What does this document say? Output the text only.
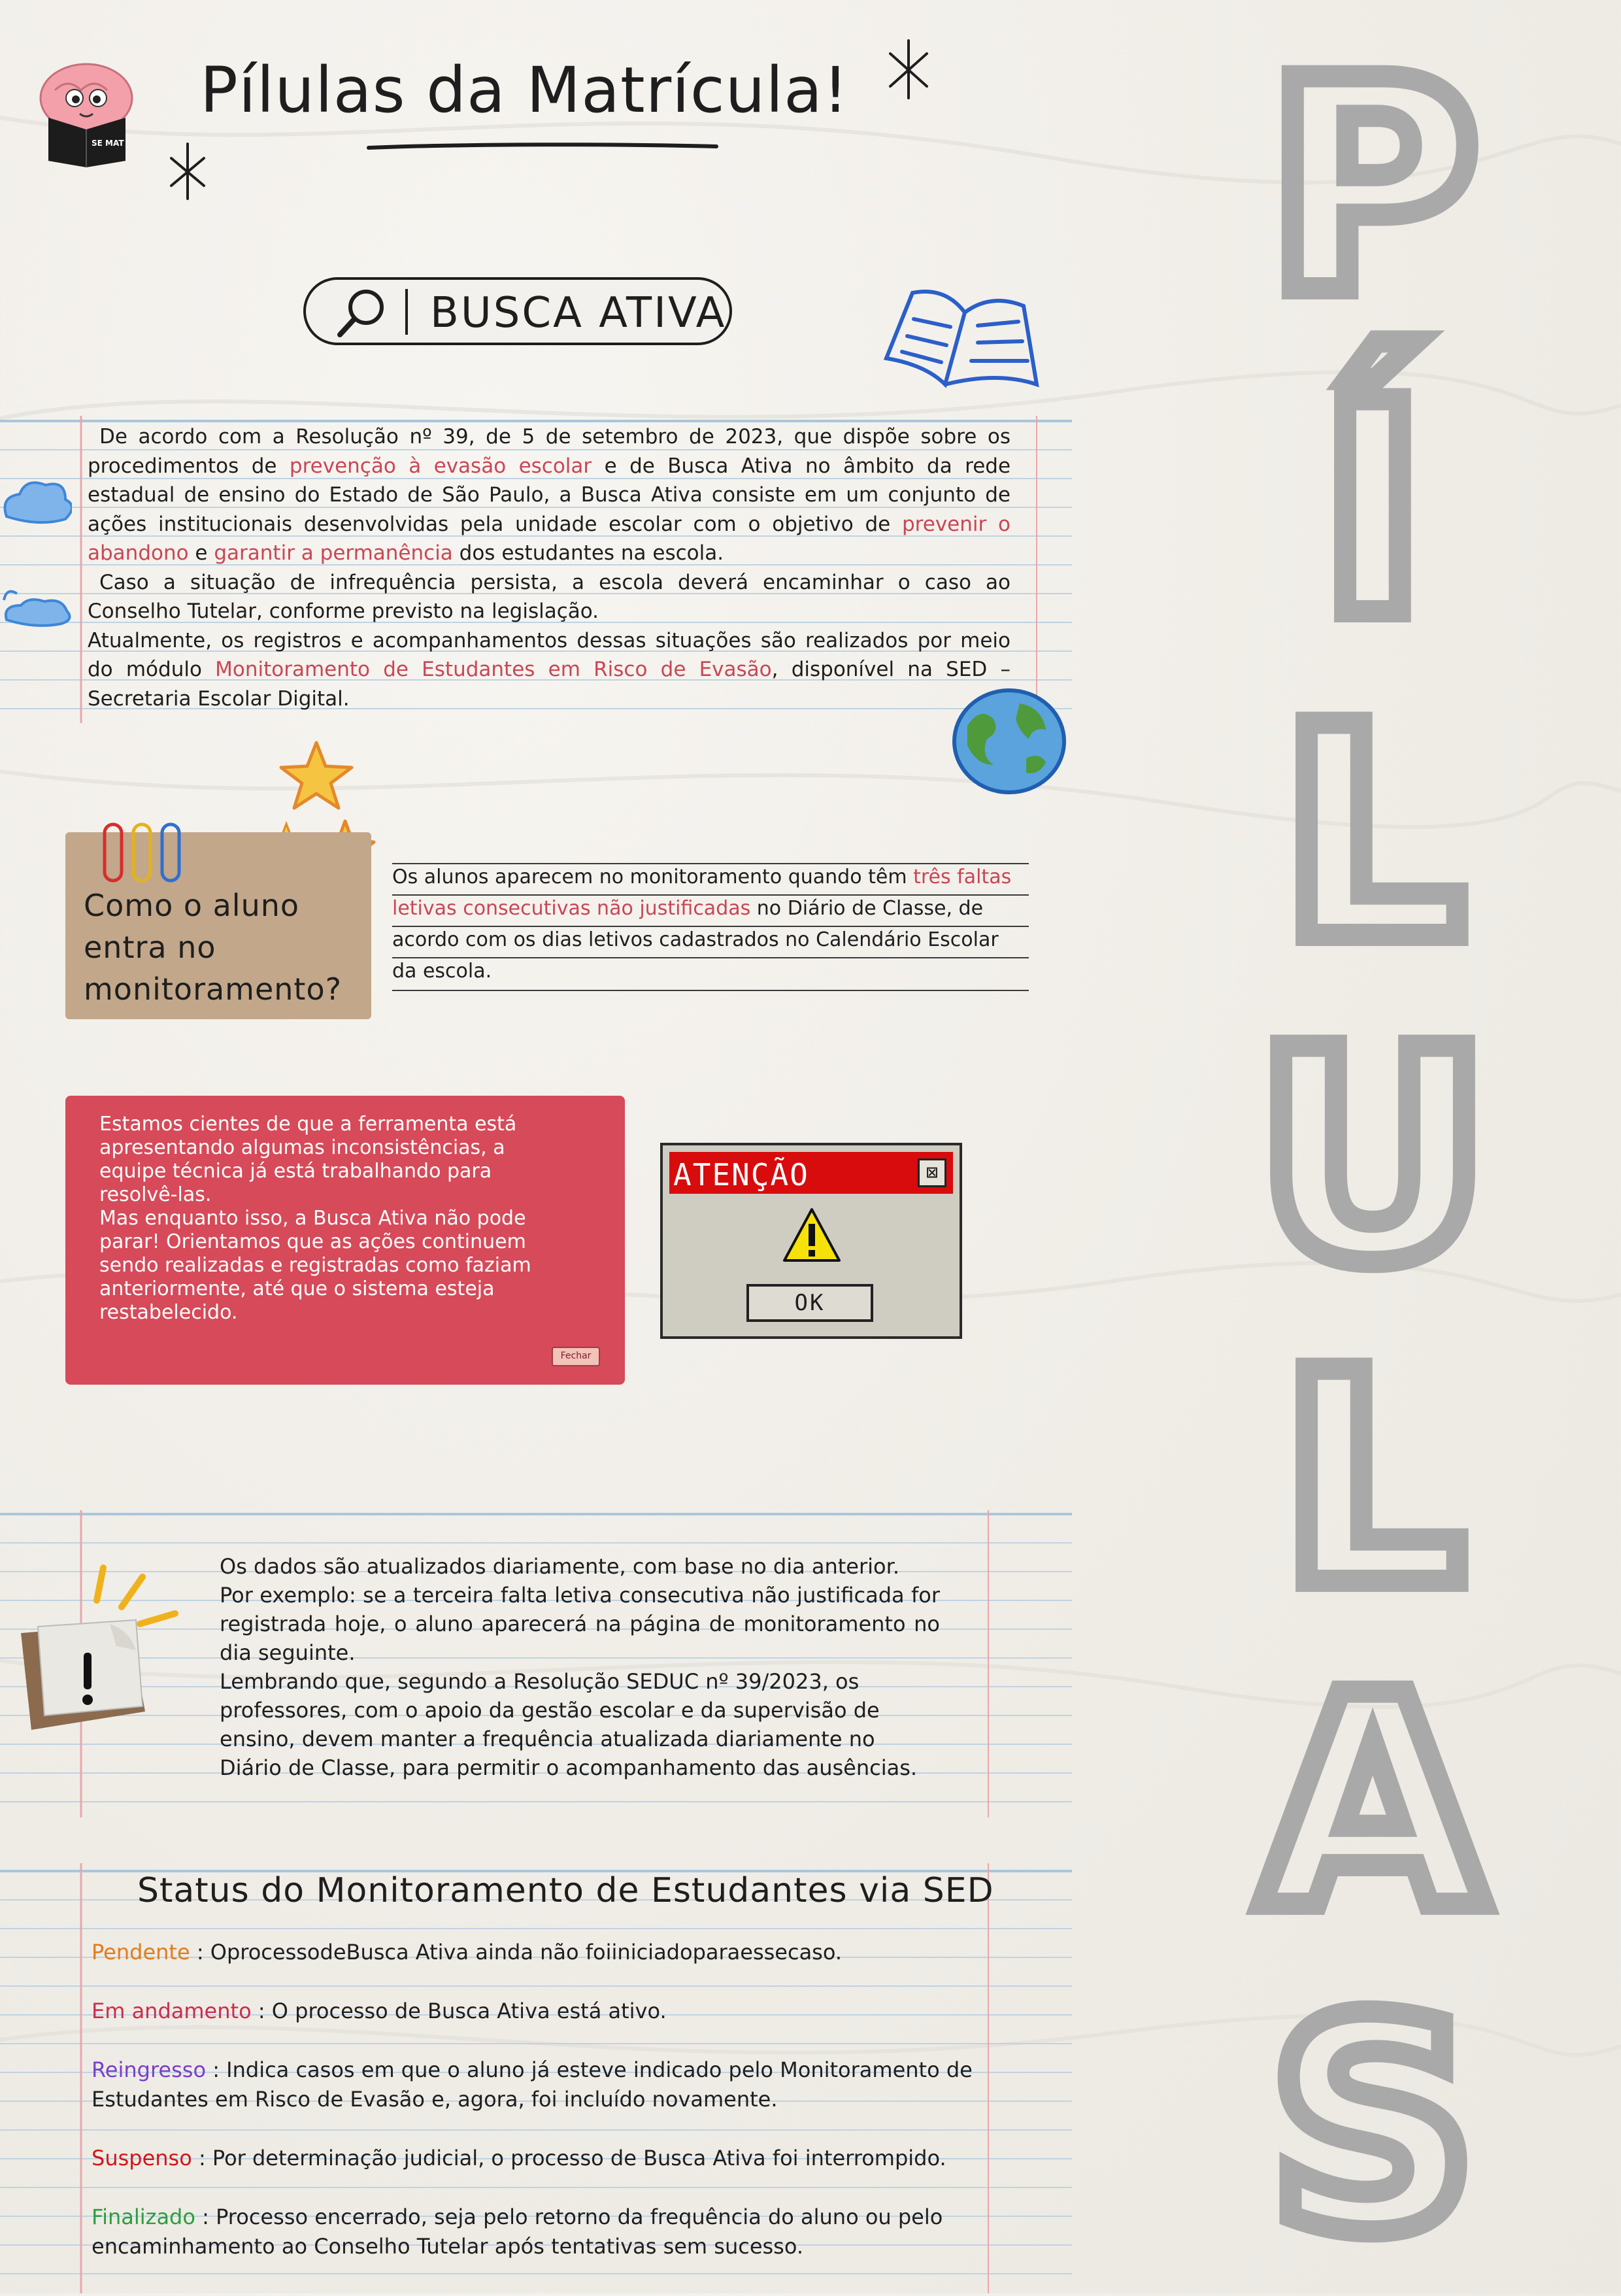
SE MAT
Pílulas da Matrícula!
BUSCA ATIVA

De acordo com a Resolução nº 39, de 5 de setembro de 2023, que dispõe sobre os procedimentos de prevenção à evasão escolar e de Busca Ativa no âmbito da rede estadual de ensino do Estado de São Paulo, a Busca Ativa consiste em um conjunto de ações institucionais desenvolvidas pela unidade escolar com o objetivo de prevenir o abandono e garantir a permanência dos estudantes na escola.

Caso a situação de infrequência persista, a escola deverá encaminhar o caso ao Conselho Tutelar, conforme previsto na legislação.

Atualmente, os registros e acompanhamentos dessas situações são realizados por meio do módulo Monitoramento de Estudantes em Risco de Evasão, disponível na SED – Secretaria Escolar Digital.

Como o aluno entra no monitoramento?

Os alunos aparecem no monitoramento quando têm três faltas letivas consecutivas não justificadas no Diário de Classe, de acordo com os dias letivos cadastrados no Calendário Escolar da escola.

Estamos cientes de que a ferramenta está apresentando algumas inconsistências, a equipe técnica já está trabalhando para resolvê-las.
Mas enquanto isso, a Busca Ativa não pode parar! Orientamos que as ações continuem sendo realizadas e registradas como faziam anteriormente, até que o sistema esteja restabelecido.

Fechar
ATENÇÃO	⊠
OK

Os dados são atualizados diariamente, com base no dia anterior.

Por exemplo: se a terceira falta letiva consecutiva não justificada for registrada hoje, o aluno aparecerá na página de monitoramento no dia seguinte.

Lembrando que, segundo a Resolução SEDUC nº 39/2023, os professores, com o apoio da gestão escolar e da supervisão de ensino, devem manter a frequência atualizada diariamente no Diário de Classe, para permitir o acompanhamento das ausências.

Status do Monitoramento de Estudantes via SED

Pendente : OprocessodeBusca Ativa ainda não foiiniciadoparaessecaso.

Em andamento : O processo de Busca Ativa está ativo.

Reingresso : Indica casos em que o aluno já esteve indicado pelo Monitoramento de Estudantes em Risco de Evasão e, agora, foi incluído novamente.

Suspenso : Por determinação judicial, o processo de Busca Ativa foi interrompido.

Finalizado : Processo encerrado, seja pelo retorno da frequência do aluno ou pelo encaminhamento ao Conselho Tutelar após tentativas sem sucesso.

P
Í
L
U
L
A
S
